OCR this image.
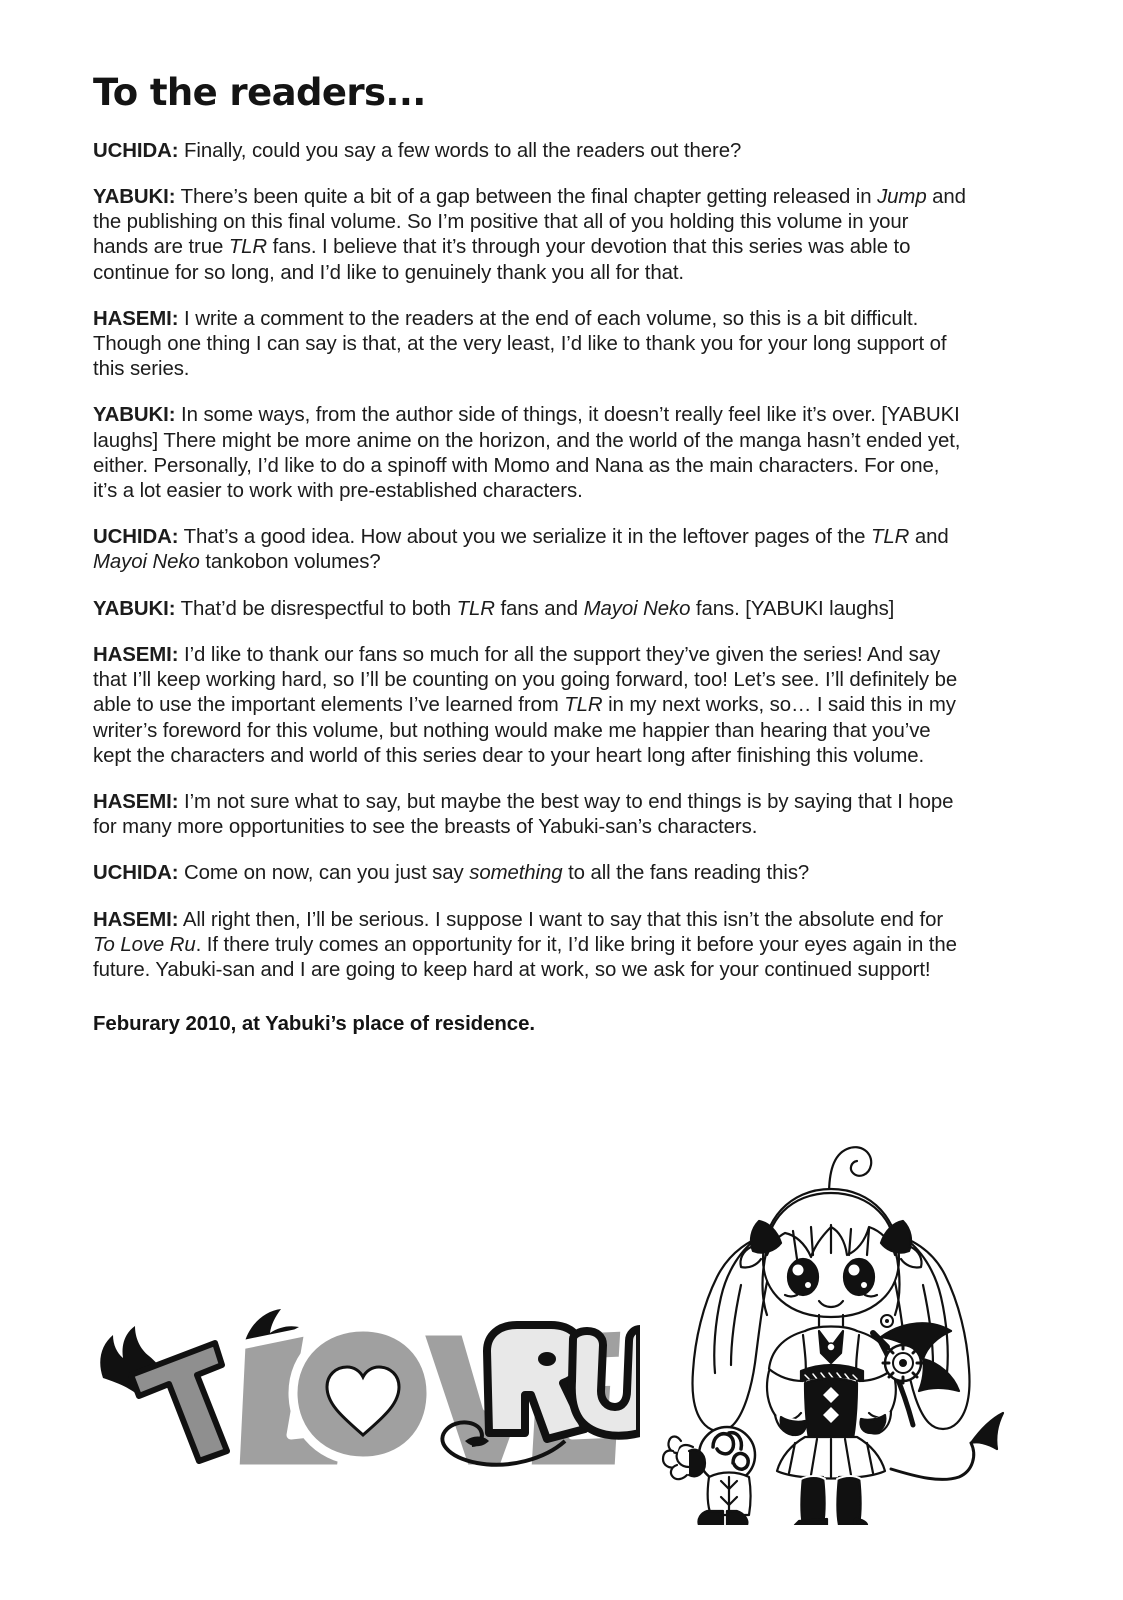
To the readers...

UCHIDA: Finally, could you say a few words to all the readers out there?

YABUKI: There’s been quite a bit of a gap between the final chapter getting released in Jump and the publishing on this final volume. So I’m positive that all of you holding this volume in your hands are true TLR fans. I believe that it’s through your devotion that this series was able to continue for so long, and I’d like to genuinely thank you all for that.

HASEMI: I write a comment to the readers at the end of each volume, so this is a bit difficult. Though one thing I can say is that, at the very least, I’d like to thank you for your long support of this series.

YABUKI: In some ways, from the author side of things, it doesn’t really feel like it’s over. [YABUKI laughs] There might be more anime on the horizon, and the world of the manga hasn’t ended yet, either. Personally, I’d like to do a spinoff with Momo and Nana as the main characters. For one, it’s a lot easier to work with pre-established characters.

UCHIDA: That’s a good idea. How about you we serialize it in the leftover pages of the TLR and Mayoi Neko tankobon volumes?

YABUKI: That’d be disrespectful to both TLR fans and Mayoi Neko fans. [YABUKI laughs]

HASEMI: I’d like to thank our fans so much for all the support they’ve given the series! And say that I’ll keep working hard, so I’ll be counting on you going forward, too! Let’s see. I’ll definitely be able to use the important elements I’ve learned from TLR in my next works, so… I said this in my writer’s foreword for this volume, but nothing would make me happier than hearing that you’ve kept the characters and world of this series dear to your heart long after finishing this volume.

HASEMI: I’m not sure what to say, but maybe the best way to end things is by saying that I hope for many more opportunities to see the breasts of Yabuki-san’s characters.

UCHIDA: Come on now, can you just say something to all the fans reading this?

HASEMI: All right then, I’ll be serious. I suppose I want to say that this isn’t the absolute end for To Love Ru. If there truly comes an opportunity for it, I’d like bring it before your eyes again in the future. Yabuki-san and I are going to keep hard at work, so we ask for your continued support!

Feburary 2010, at Yabuki’s place of residence.
